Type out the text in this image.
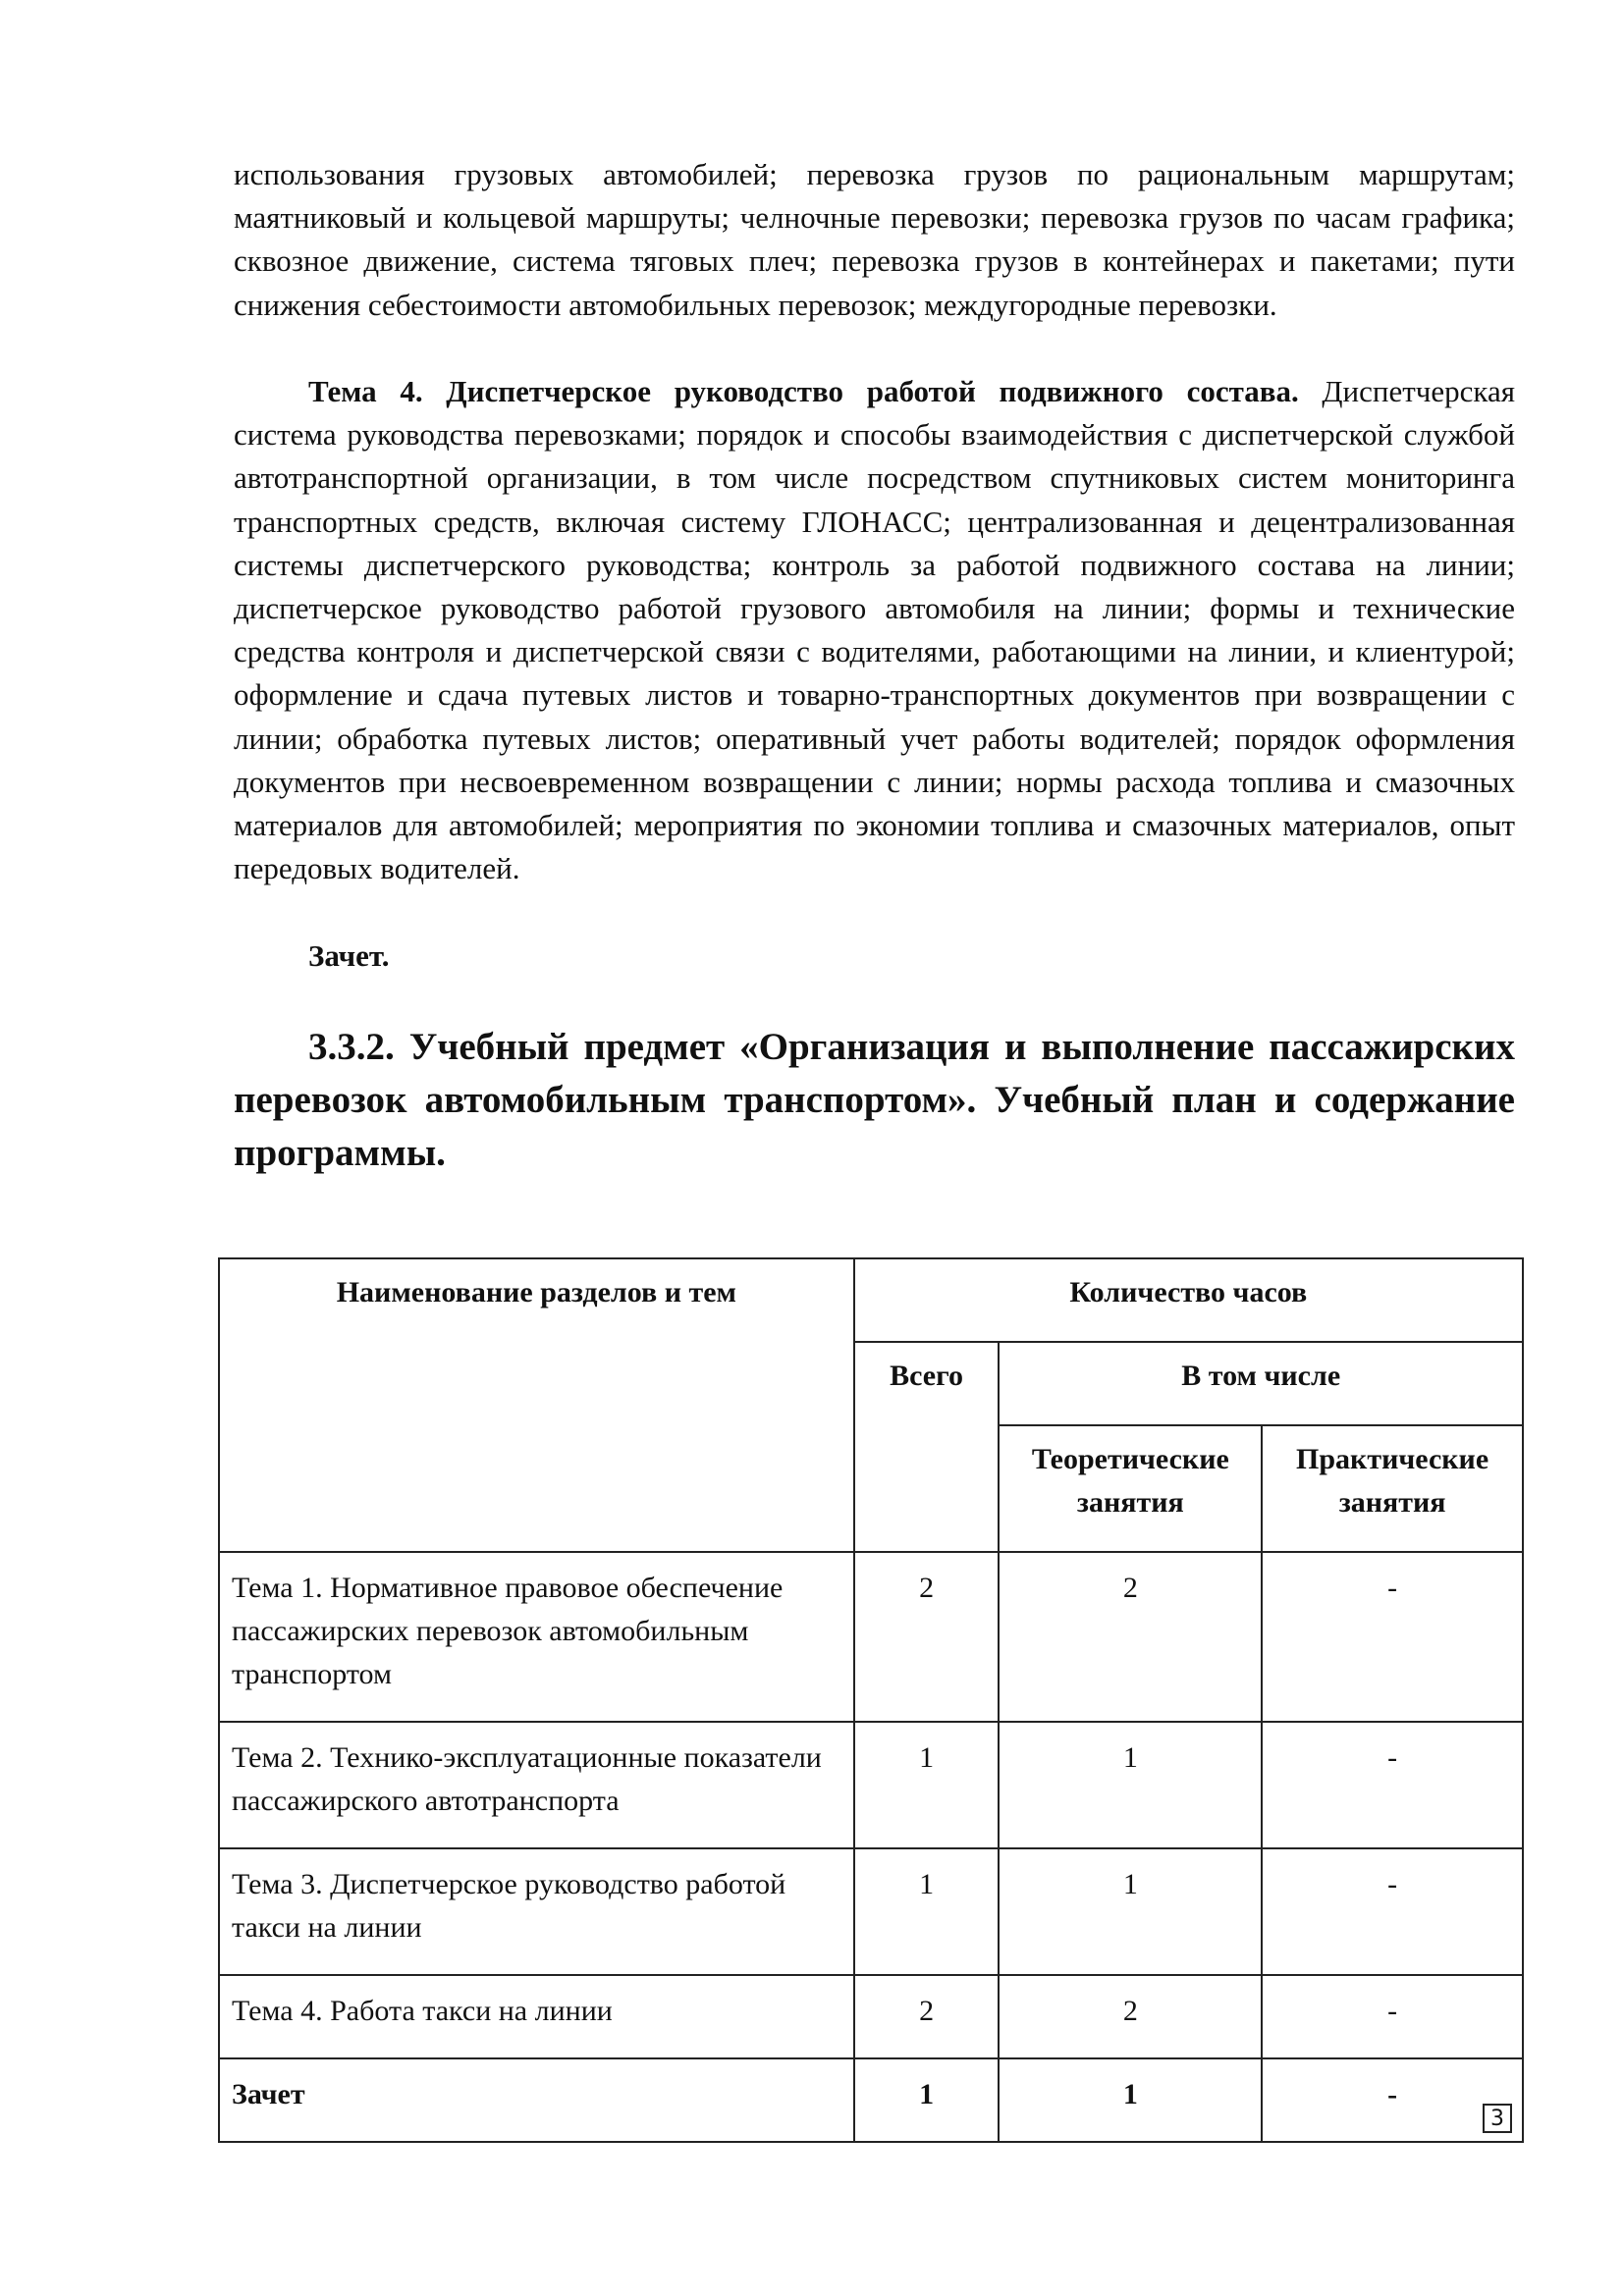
использования грузовых автомобилей; перевозка грузов по рациональным маршрутам; маятниковый и кольцевой маршруты; челночные перевозки; перевозка грузов по часам графика; сквозное движение, система тяговых плеч; перевозка грузов в контейнерах и пакетами; пути снижения себестоимости автомобильных перевозок; междугородные перевозки.
Тема 4. Диспетчерское руководство работой подвижного состава. Диспетчерская система руководства перевозками; порядок и способы взаимодействия с диспетчерской службой автотранспортной организации, в том числе посредством спутниковых систем мониторинга транспортных средств, включая систему ГЛОНАСС; централизованная и децентрализованная системы диспетчерского руководства; контроль за работой подвижного состава на линии; диспетчерское руководство работой грузового автомобиля на линии; формы и технические средства контроля и диспетчерской связи с водителями, работающими на линии, и клиентурой; оформление и сдача путевых листов и товарно-транспортных документов при возвращении с линии; обработка путевых листов; оперативный учет работы водителей; порядок оформления документов при несвоевременном возвращении с линии; нормы расхода топлива и смазочных материалов для автомобилей; мероприятия по экономии топлива и смазочных материалов, опыт передовых водителей.
Зачет.
3.3.2. Учебный предмет «Организация и выполнение пассажирских перевозок автомобильным транспортом». Учебный план и содержание программы.
Наименование разделов и тем	Количество часов		
	Всего	В том числе	
		Теоретические занятия	Практические занятия
Тема 1. Нормативное правовое обеспечение пассажирских перевозок автомобильным транспортом	2	2	-
Тема 2. Технико-эксплуатационные показатели пассажирского автотранспорта	1	1	-
Тема 3. Диспетчерское руководство работой такси на линии	1	1	-
Тема 4. Работа такси на линии	2	2	-
Зачет	1	1	-
3
